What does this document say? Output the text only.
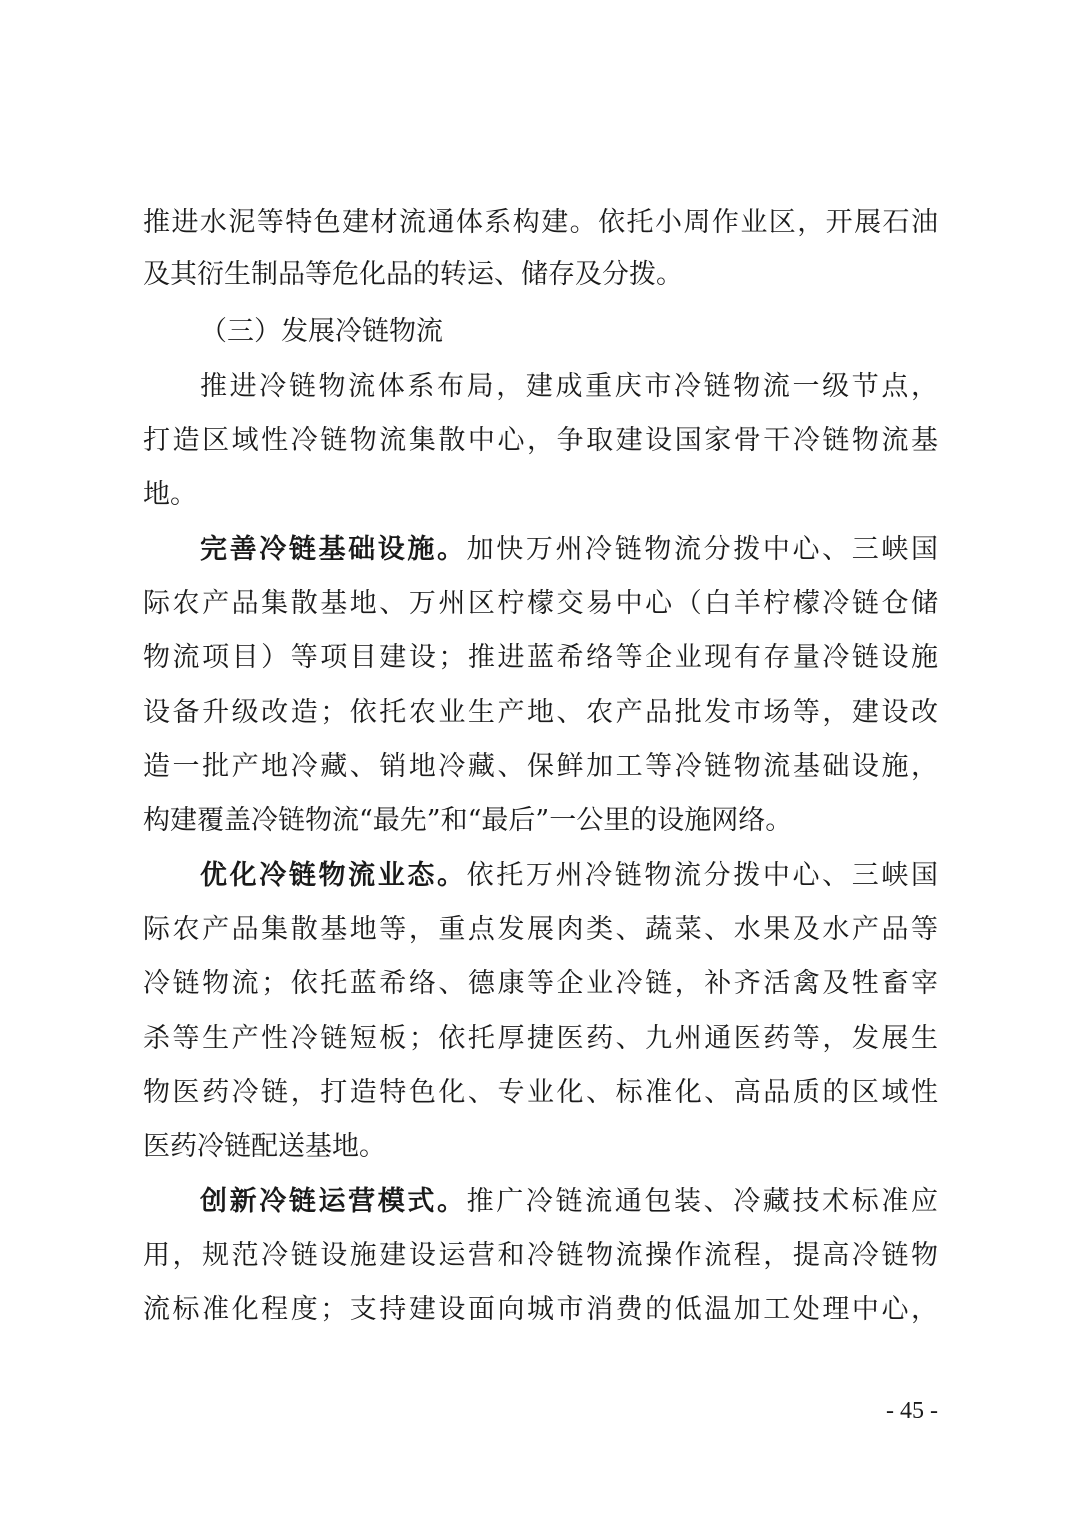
推进水泥等特色建材流通体系构建。依托小周作业区，开展石油
及其衍生制品等危化品的转运、储存及分拨。
（三）发展冷链物流
推进冷链物流体系布局，建成重庆市冷链物流一级节点，
打造区域性冷链物流集散中心，争取建设国家骨干冷链物流基
地。
完善冷链基础设施。加快万州冷链物流分拨中心、三峡国
际农产品集散基地、万州区柠檬交易中心（白羊柠檬冷链仓储
物流项目）等项目建设；推进蓝希络等企业现有存量冷链设施
设备升级改造；依托农业生产地、农产品批发市场等，建设改
造一批产地冷藏、销地冷藏、保鲜加工等冷链物流基础设施，
构建覆盖冷链物流“最先”和“最后”一公里的设施网络。
优化冷链物流业态。依托万州冷链物流分拨中心、三峡国
际农产品集散基地等，重点发展肉类、蔬菜、水果及水产品等
冷链物流；依托蓝希络、德康等企业冷链，补齐活禽及牲畜宰
杀等生产性冷链短板；依托厚捷医药、九州通医药等，发展生
物医药冷链，打造特色化、专业化、标准化、高品质的区域性
医药冷链配送基地。
创新冷链运营模式。推广冷链流通包装、冷藏技术标准应
用，规范冷链设施建设运营和冷链物流操作流程，提高冷链物
流标准化程度；支持建设面向城市消费的低温加工处理中心，
- 45 -
